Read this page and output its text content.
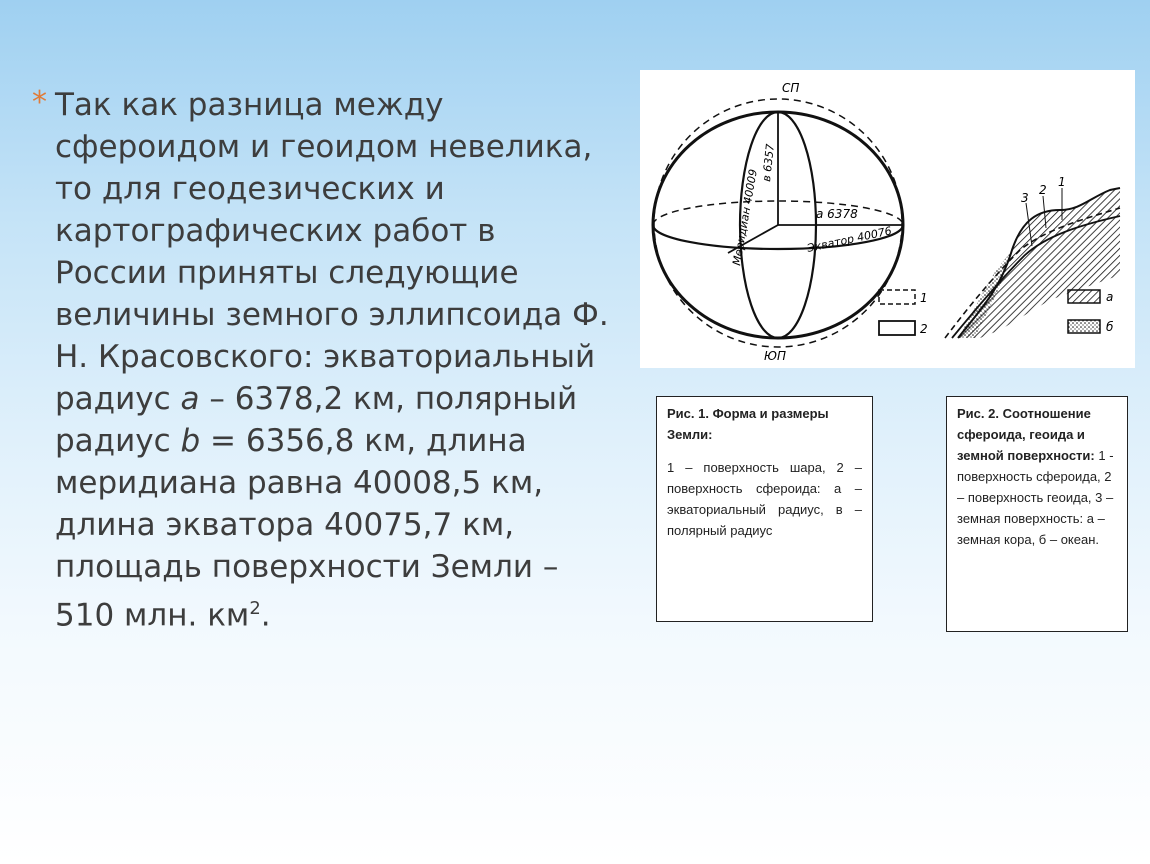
* Так как разница между сфероидом и геоидом невелика, то для геодезических и картографических работ в России приняты следующие величины земного эллипсоида Ф. Н. Красовского: экваториальный радиус a – 6378,2 км, полярный радиус b = 6356,8 км, длина меридиана равна 40008,5 км, длина экватора 40075,7 км, площадь поверхности Земли – 510 млн. $км^2$.
СП
ЮП
Меридиан 40009
в 6357
а 6378
Экватор 40076
1
2
3
2
1
а
б
Рис. 1. Форма и размеры Земли:
1 – поверхность шара, 2 – поверхность сфероида: а – экваториальный радиус, в – полярный радиус
Рис. 2. Соотношение сфероида, геоида и земной поверхности: 1 - поверхность сфероида, 2 – поверхность геоида, 3 – земная поверхность: а – земная кора, б – океан.
